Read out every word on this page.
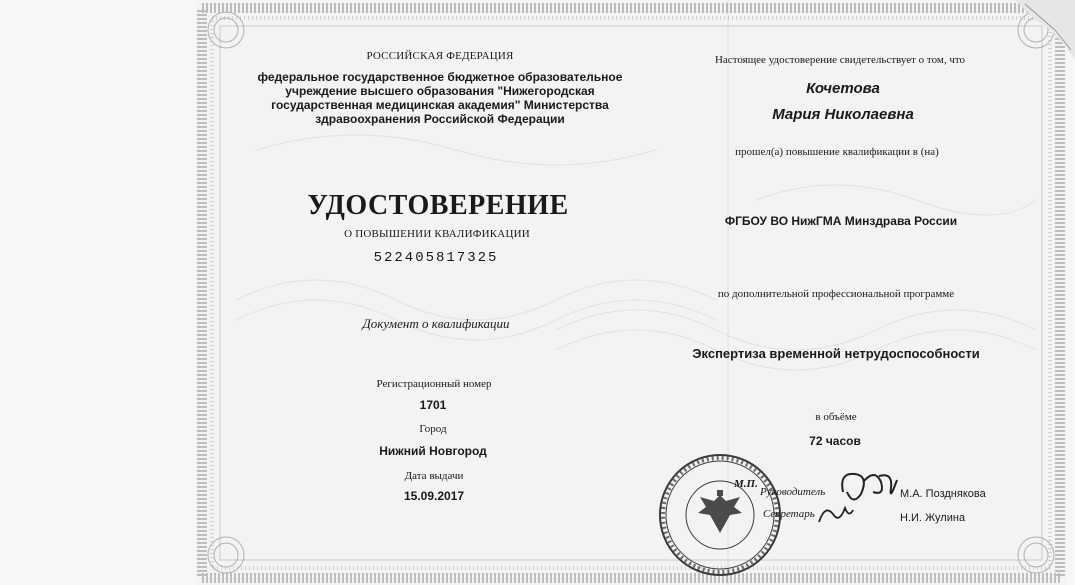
РОССИЙСКАЯ ФЕДЕРАЦИЯ
федеральное государственное бюджетное образовательное учреждение высшего образования "Нижегородская государственная медицинская академия" Министерства здравоохранения Российской Федерации
УДОСТОВЕРЕНИЕ
О ПОВЫШЕНИИ КВАЛИФИКАЦИИ
522405817325
Документ о квалификации
Регистрационный номер
1701
Город
Нижний Новгород
Дата выдачи
15.09.2017
Настоящее удостоверение свидетельствует о том, что
Кочетова
Мария Николаевна
прошел(а) повышение квалификации в (на)
ФГБОУ ВО НижГМА Минздрава России
по дополнительной профессиональной программе
Экспертиза временной нетрудоспособности
в объёме
72 часов
М.П.
Руководитель	М.А. Позднякова
Секретарь	Н.И. Жулина
